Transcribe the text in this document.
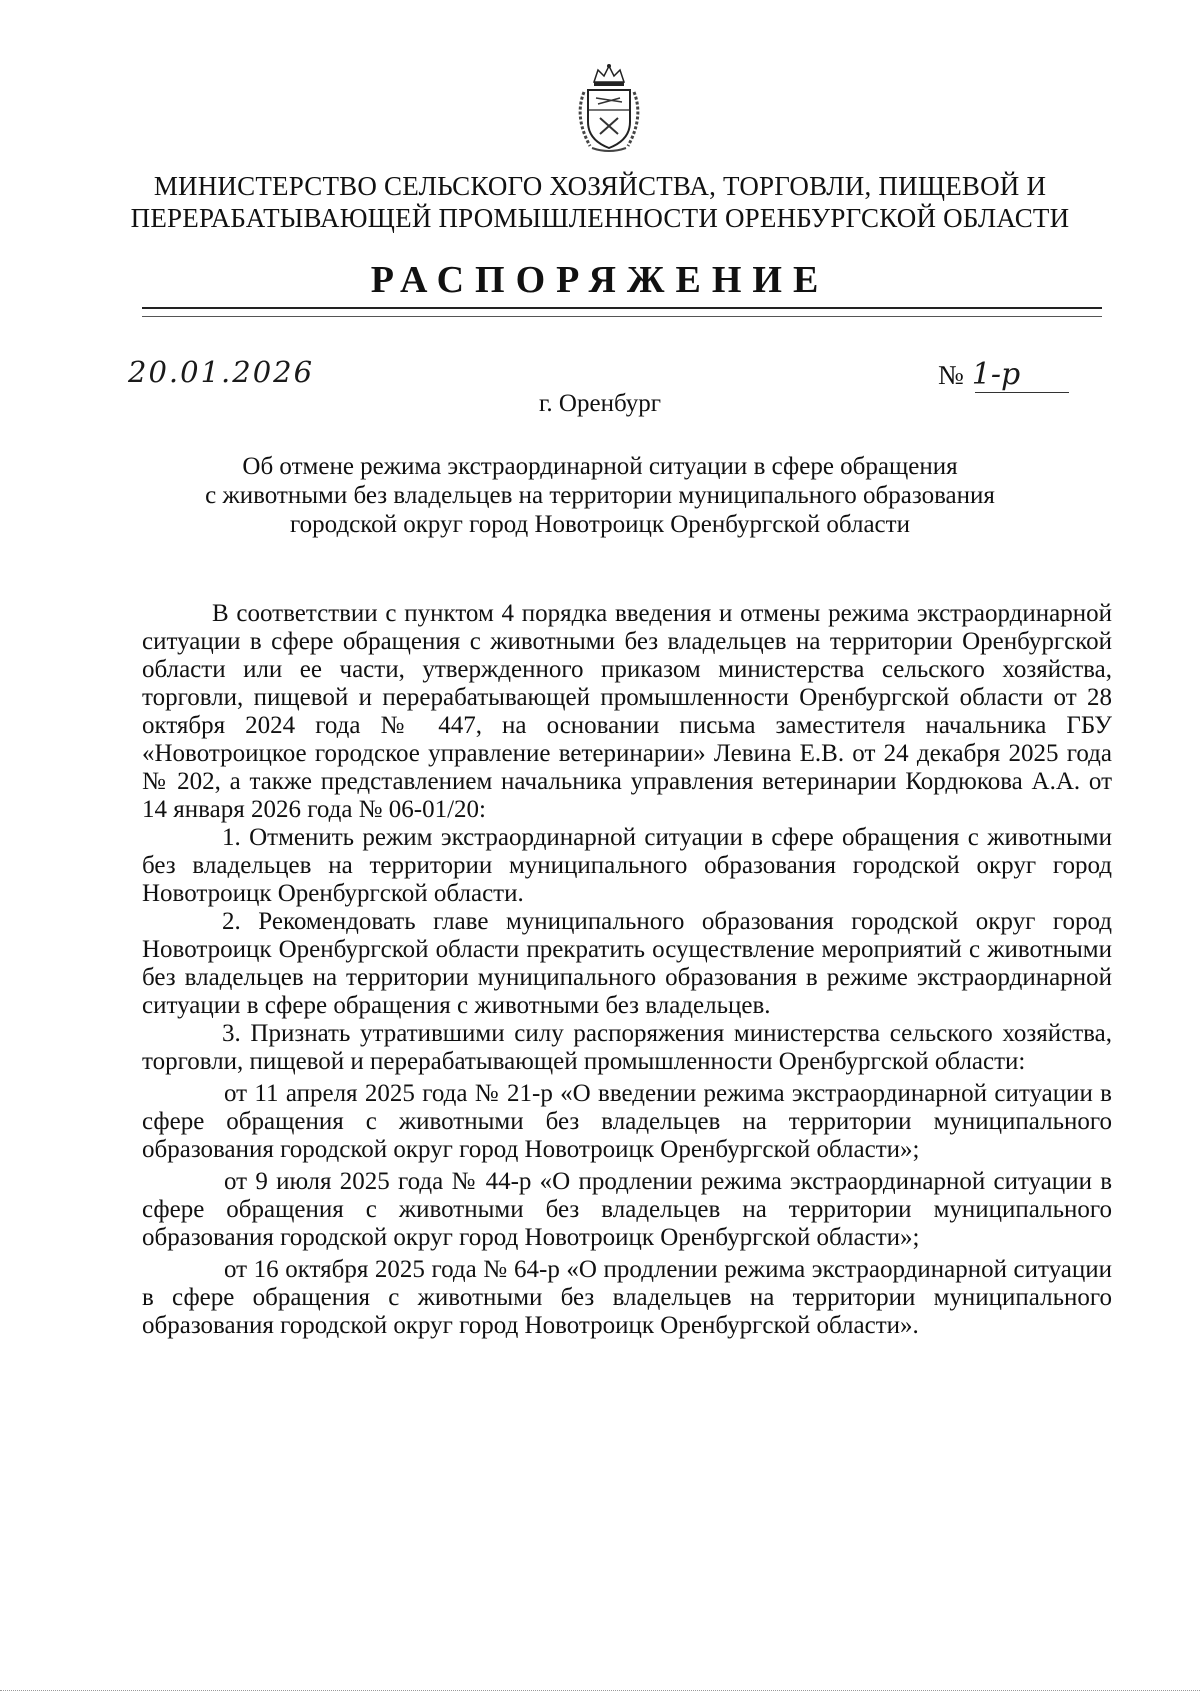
МИНИСТЕРСТВО СЕЛЬСКОГО ХОЗЯЙСТВА, ТОРГОВЛИ, ПИЩЕВОЙ И
ПЕРЕРАБАТЫВАЮЩЕЙ ПРОМЫШЛЕННОСТИ ОРЕНБУРГСКОЙ ОБЛАСТИ
РАСПОРЯЖЕНИЕ
20.01.2026	№ 1-р
г. Оренбург
Об отмене режима экстраординарной ситуации в сфере обращения
с животными без владельцев на территории муниципального образования
городской округ город Новотроицк Оренбургской области

В соответствии с пунктом 4 порядка введения и отмены режима экстраординарной ситуации в сфере обращения с животными без владельцев на территории Оренбургской области или ее части, утвержденного приказом министерства сельского хозяйства, торговли, пищевой и перерабатывающей промышленности Оренбургской области от 28 октября 2024 года № 447, на основании письма заместителя начальника ГБУ «Новотроицкое городское управление ветеринарии» Левина Е.В. от 24 декабря 2025 года № 202, а также представлением начальника управления ветеринарии Кордюкова А.А. от 14 января 2026 года № 06-01/20:

1. Отменить режим экстраординарной ситуации в сфере обращения с животными без владельцев на территории муниципального образования городской округ город Новотроицк Оренбургской области.

2. Рекомендовать главе муниципального образования городской округ город Новотроицк Оренбургской области прекратить осуществление мероприятий с животными без владельцев на территории муниципального образования в режиме экстраординарной ситуации в сфере обращения с животными без владельцев.

3. Признать утратившими силу распоряжения министерства сельского хозяйства, торговли, пищевой и перерабатывающей промышленности Оренбургской области:

от 11 апреля 2025 года № 21-р «О введении режима экстраординарной ситуации в сфере обращения с животными без владельцев на территории муниципального образования городской округ город Новотроицк Оренбургской области»;

от 9 июля 2025 года № 44-р «О продлении режима экстраординарной ситуации в сфере обращения с животными без владельцев на территории муниципального образования городской округ город Новотроицк Оренбургской области»;

от 16 октября 2025 года № 64-р «О продлении режима экстраординарной ситуации в сфере обращения с животными без владельцев на территории муниципального образования городской округ город Новотроицк Оренбургской области».
